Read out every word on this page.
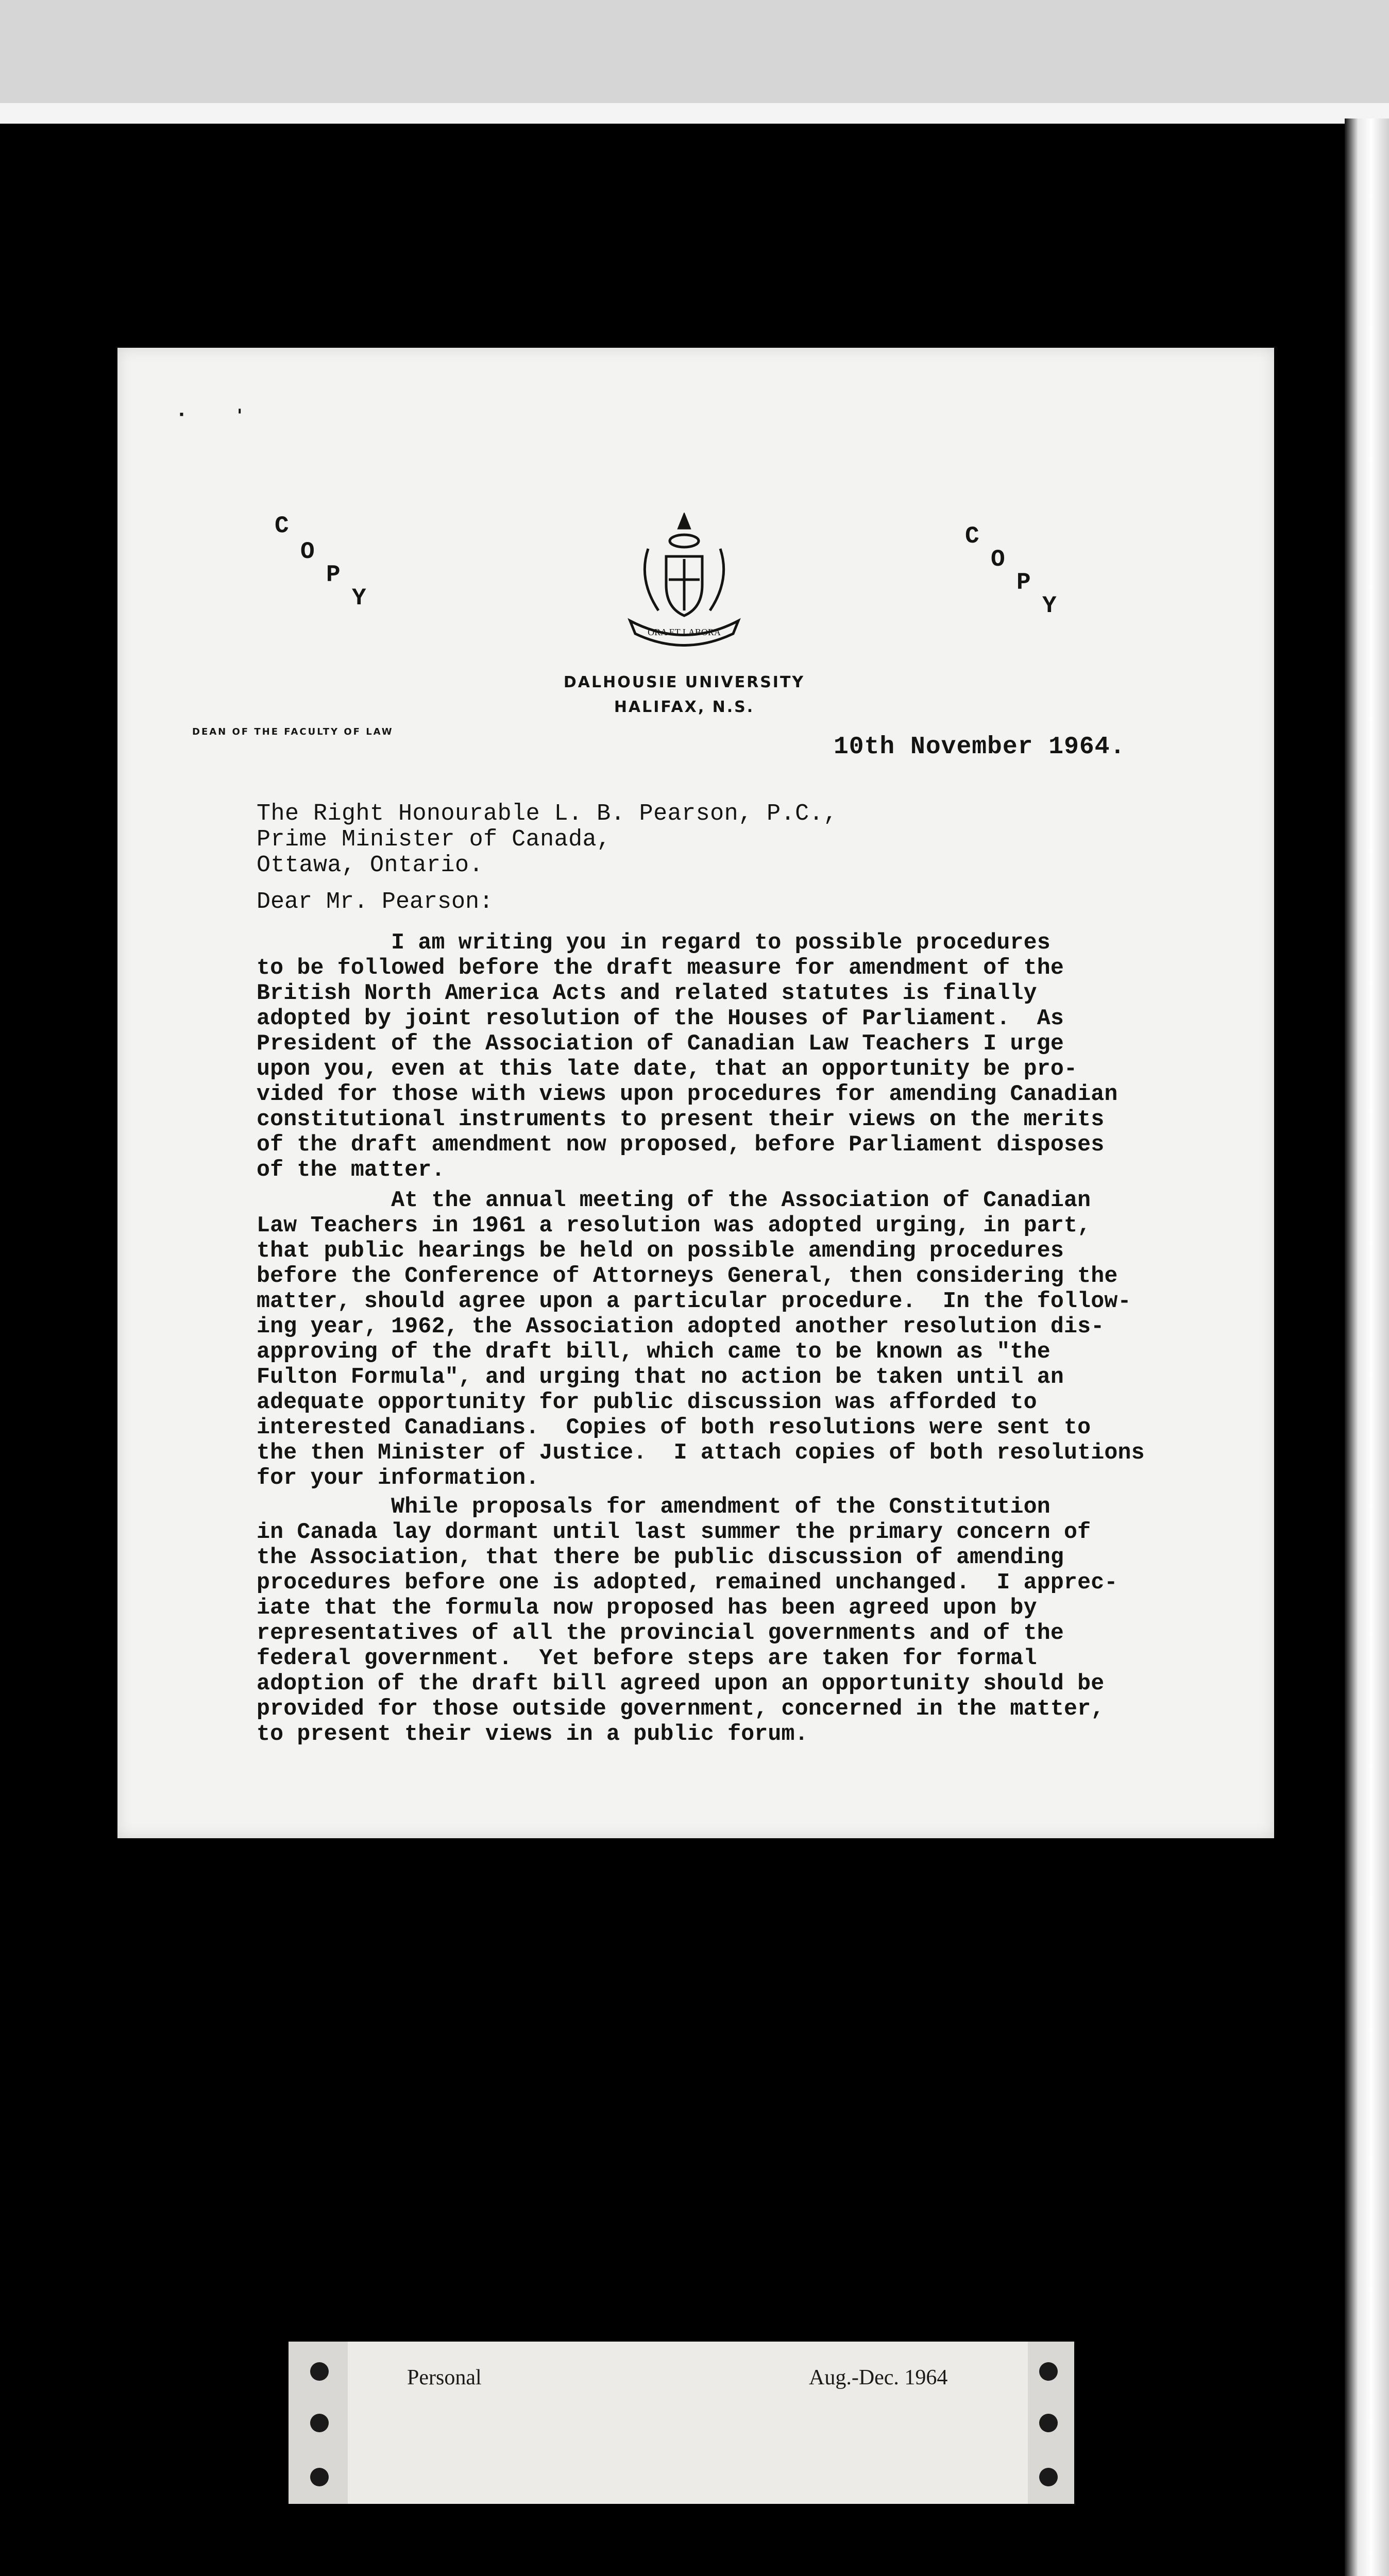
·	'
C
O
P
Y
C
O
P
Y
ORA ET LABORA
DALHOUSIE UNIVERSITY
HALIFAX, N.S.
DEAN OF THE FACULTY OF LAW
10th November 1964.
The Right Honourable L. B. Pearson, P.C.,
Prime Minister of Canada,
Ottawa, Ontario.
Dear Mr. Pearson:
I am writing you in regard to possible procedures
to be followed before the draft measure for amendment of the
British North America Acts and related statutes is finally
adopted by joint resolution of the Houses of Parliament.  As
President of the Association of Canadian Law Teachers I urge
upon you, even at this late date, that an opportunity be pro-
vided for those with views upon procedures for amending Canadian
constitutional instruments to present their views on the merits
of the draft amendment now proposed, before Parliament disposes
of the matter.
At the annual meeting of the Association of Canadian
Law Teachers in 1961 a resolution was adopted urging, in part,
that public hearings be held on possible amending procedures
before the Conference of Attorneys General, then considering the
matter, should agree upon a particular procedure.  In the follow-
ing year, 1962, the Association adopted another resolution dis-
approving of the draft bill, which came to be known as "the
Fulton Formula", and urging that no action be taken until an
adequate opportunity for public discussion was afforded to
interested Canadians.  Copies of both resolutions were sent to
the then Minister of Justice.  I attach copies of both resolutions
for your information.
While proposals for amendment of the Constitution
in Canada lay dormant until last summer the primary concern of
the Association, that there be public discussion of amending
procedures before one is adopted, remained unchanged.  I apprec-
iate that the formula now proposed has been agreed upon by
representatives of all the provincial governments and of the
federal government.  Yet before steps are taken for formal
adoption of the draft bill agreed upon an opportunity should be
provided for those outside government, concerned in the matter,
to present their views in a public forum.
Personal	Aug.-Dec. 1964
